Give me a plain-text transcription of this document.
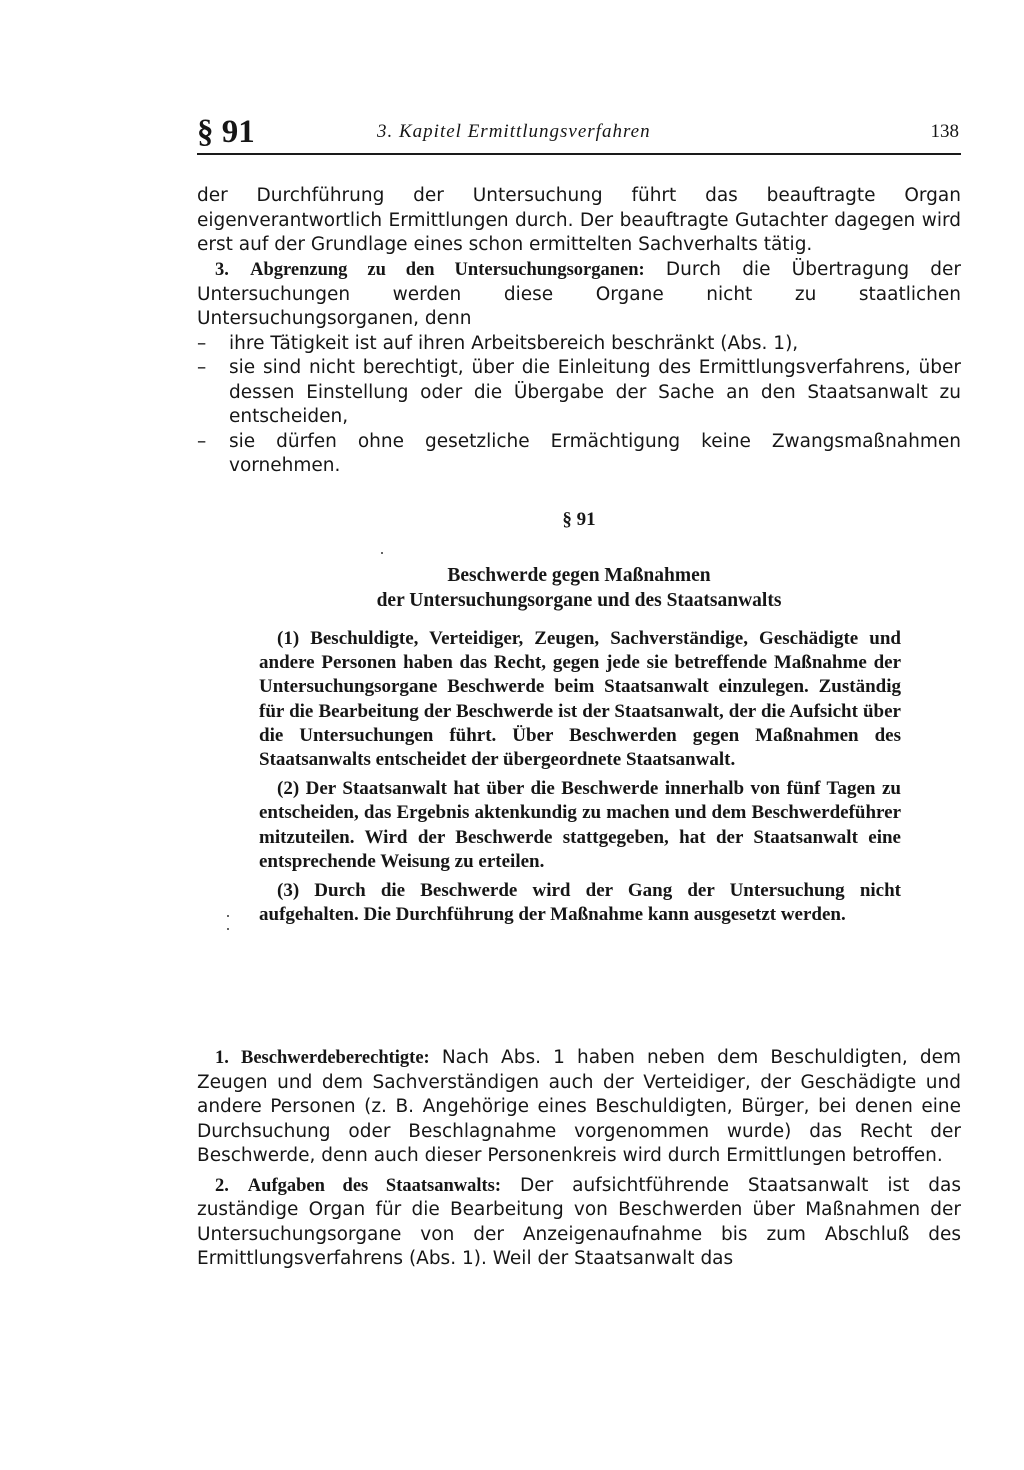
§ 91	3. Kapitel Ermittlungsverfahren	138

der Durchführung der Untersuchung führt das beauftragte Organ eigenverantwortlich Ermittlungen durch. Der beauftragte Gutachter dagegen wird erst auf der Grundlage eines schon ermittelten Sachverhalts tätig.

3. Abgrenzung zu den Untersuchungsorganen: Durch die Übertragung der Untersuchungen werden diese Organe nicht zu staatlichen Untersuchungsorganen, denn

– ihre Tätigkeit ist auf ihren Arbeitsbereich beschränkt (Abs. 1),
– sie sind nicht berechtigt, über die Einleitung des Ermittlungsverfahrens, über dessen Einstellung oder die Übergabe der Sache an den Staatsanwalt zu entscheiden,
– sie dürfen ohne gesetzliche Ermächtigung keine Zwangsmaßnahmen vornehmen.
§ 91
Beschwerde gegen Maßnahmen
der Untersuchungsorgane und des Staatsanwalts

(1) Beschuldigte, Verteidiger, Zeugen, Sachverständige, Geschädigte und andere Personen haben das Recht, gegen jede sie betreffende Maßnahme der Untersuchungsorgane Beschwerde beim Staatsanwalt einzulegen. Zuständig für die Bearbeitung der Beschwerde ist der Staatsanwalt, der die Aufsicht über die Untersuchungen führt. Über Beschwerden gegen Maßnahmen des Staatsanwalts entscheidet der übergeordnete Staatsanwalt.

(2) Der Staatsanwalt hat über die Beschwerde innerhalb von fünf Tagen zu entscheiden, das Ergebnis aktenkundig zu machen und dem Beschwerdeführer mitzuteilen. Wird der Beschwerde stattgegeben, hat der Staatsanwalt eine entsprechende Weisung zu erteilen.

(3) Durch die Beschwerde wird der Gang der Untersuchung nicht aufgehalten. Die Durchführung der Maßnahme kann ausgesetzt werden.

1. Beschwerdeberechtigte: Nach Abs. 1 haben neben dem Beschuldigten, dem Zeugen und dem Sachverständigen auch der Verteidiger, der Geschädigte und andere Personen (z. B. Angehörige eines Beschuldigten, Bürger, bei denen eine Durchsuchung oder Beschlagnahme vorgenommen wurde) das Recht der Beschwerde, denn auch dieser Personenkreis wird durch Ermittlungen betroffen.

2. Aufgaben des Staatsanwalts: Der aufsichtführende Staatsanwalt ist das zuständige Organ für die Bearbeitung von Beschwerden über Maßnahmen der Untersuchungsorgane von der Anzeigenaufnahme bis zum Abschluß des Ermittlungsverfahrens (Abs. 1). Weil der Staatsanwalt das
